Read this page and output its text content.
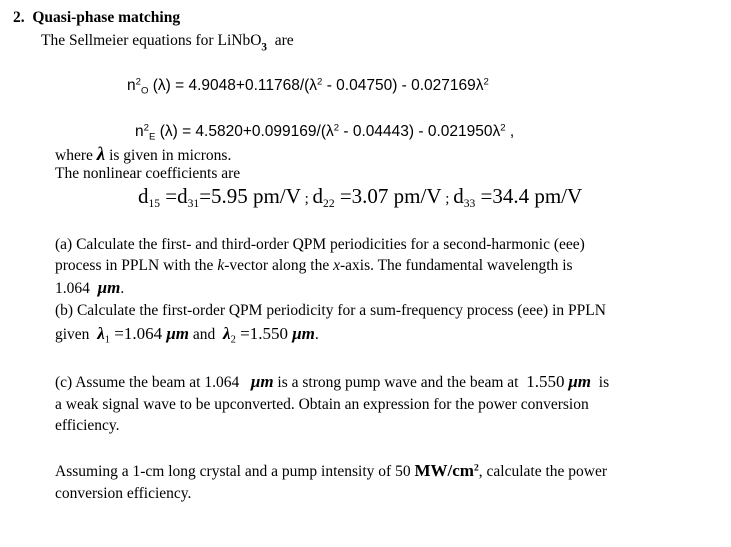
2. Quasi-phase matching
The Sellmeier equations for LiNbO$_3$ are
$n^2_O$ $(\lambda) = 4.9048+0.11768/(\lambda^2 - 0.04750) - 0.027169\lambda^2$
$n^2_E$ $(\lambda) = 4.5820+0.099169/(\lambda^2 - 0.04443) - 0.021950\lambda^2$ ,
where λ is given in microns.
The nonlinear coefficients are
$d_{15} =d_{31}=5.95$ pm/V ; $d_{22} =3.07$ pm/V ; $d_{33} =34.4$ pm/V
(a) Calculate the first- and third-order QPM periodicities for a second-harmonic (eee)
process in PPLN with the k-vector along the x-axis. The fundamental wavelength is
1.064 μm.
(b) Calculate the first-order QPM periodicity for a sum-frequency process (eee) in PPLN
given $\lambda_1 =1.064$ μm and $\lambda_2 =1.550$ μm.
(c) Assume the beam at 1.064 μm is a strong pump wave and the beam at 1.550 μm is
a weak signal wave to be upconverted. Obtain an expression for the power conversion
efficiency.
Assuming a 1-cm long crystal and a pump intensity of 50 $MW/cm^2$, calculate the power
conversion efficiency.
